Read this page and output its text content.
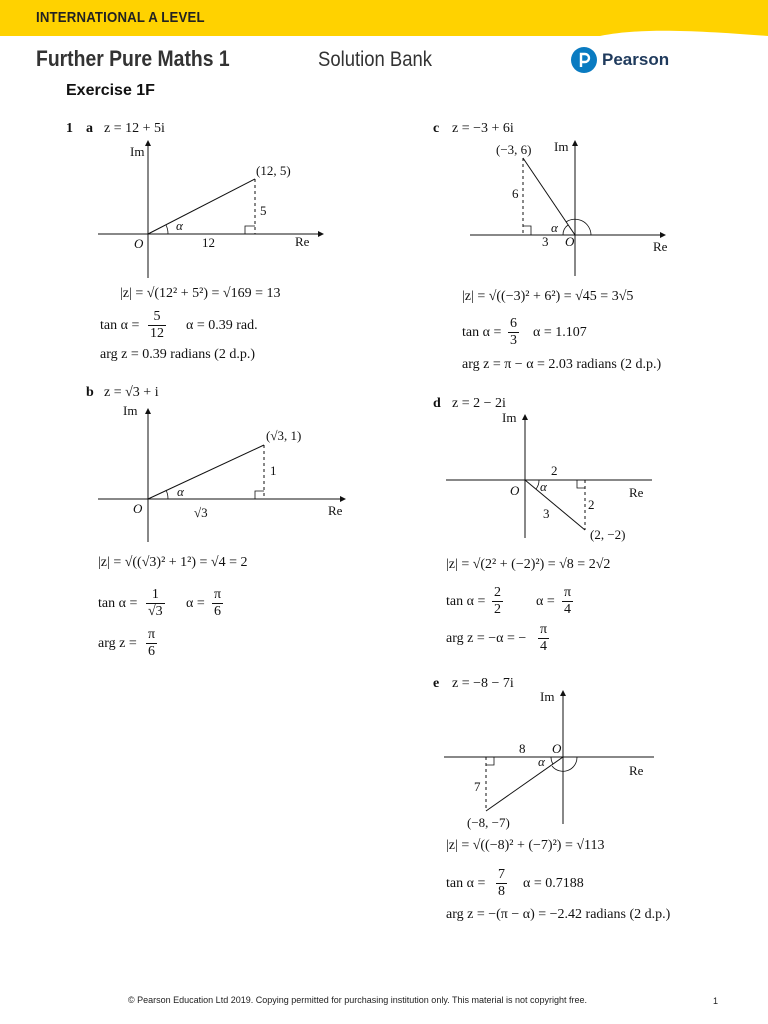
INTERNATIONAL A LEVEL
Further Pure Maths 1	Solution Bank	Pearson
Exercise 1F
1 a z = 12 + 5i
Im
Re
O
α
(12, 5)
12
5
|z| = √(12² + 5²) = √169 = 13
$\tan \alpha = \frac{5}{12}$ α = 0.39 rad.
arg z = 0.39 radians (2 d.p.)
b z = √3 + i
Im
Re
O
α
(√3, 1)
√3
1
|z| = √((√3)² + 1²) = √4 = 2
$\tan \alpha = \frac{1}{√3}$ $\alpha = \frac{\pi}{6}$
arg $z = \frac{\pi}{6}$
c z = −3 + 6i
Im
Re
O
α
(−3, 6)
3
6
|z| = √((−3)² + 6²) = √45 = 3√5
$\tan \alpha = \frac{6}{3}$ α = 1.107
arg z = π − α = 2.03 radians (2 d.p.)
d z = 2 − 2i
Im
Re
O α
(2, −2)
2
2
3
|z| = √(2² + (−2)²) = √8 = 2√2
$\tan \alpha = \frac{2}{2}$ $\alpha = \frac{\pi}{4}$
arg z = −α = − $\frac{\pi}{4}$
e z = −8 − 7i
Im
Re
O
α
(−8, −7)
8
7
|z| = √((−8)² + (−7)²) = √113
$\tan \alpha = \frac{7}{8}$ α = 0.7188
arg z = −(π − α) = −2.42 radians (2 d.p.)
© Pearson Education Ltd 2019. Copying permitted for purchasing institution only. This material is not copyright free.	1
